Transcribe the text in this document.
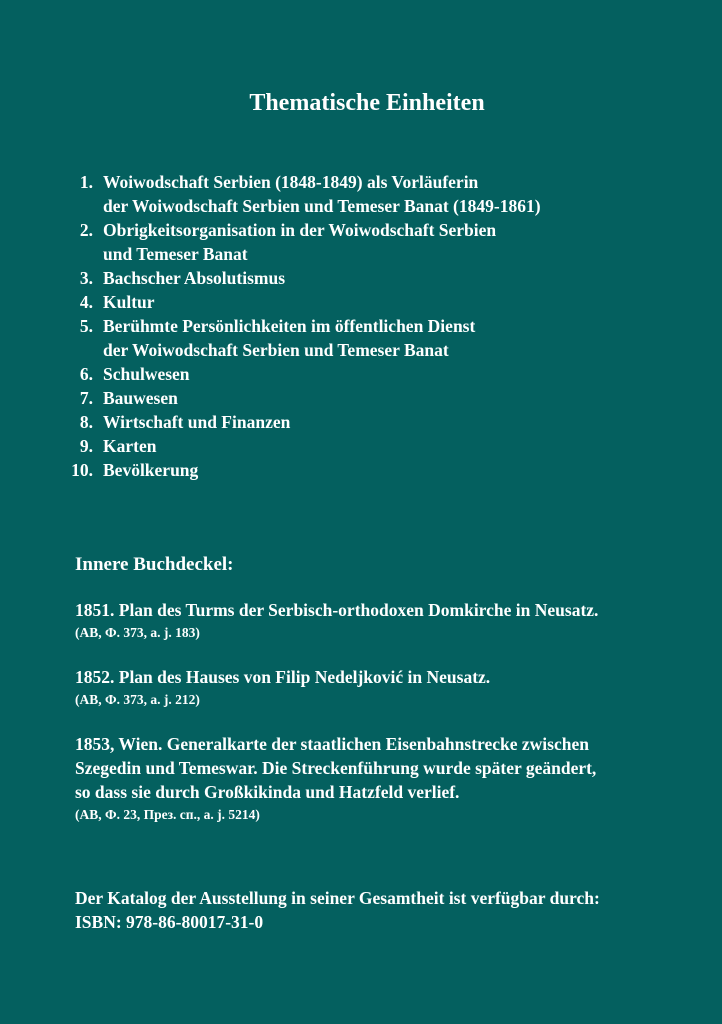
Thematische Einheiten
1. Woiwodschaft Serbien (1848-1849) als Vorläuferin
der Woiwodschaft Serbien und Temeser Banat (1849-1861)
2. Obrigkeitsorganisation in der Woiwodschaft Serbien
und Temeser Banat
3. Bachscher Absolutismus
4. Kultur
5. Berühmte Persönlichkeiten im öffentlichen Dienst
der Woiwodschaft Serbien und Temeser Banat
6. Schulwesen
7. Bauwesen
8. Wirtschaft und Finanzen
9. Karten
10. Bevölkerung
Innere Buchdeckel:
1851. Plan des Turms der Serbisch-orthodoxen Domkirche in Neusatz.
(АВ, Ф. 373, a. j. 183)
1852. Plan des Hauses von Filip Nedeljković in Neusatz.
(АВ, Ф. 373, a. j. 212)
1853, Wien. Generalkarte der staatlichen Eisenbahnstrecke zwischen
Szegedin und Temeswar. Die Streckenführung wurde später geändert,
so dass sie durch Großkikinda und Hatzfeld verlief.
(АВ, Ф. 23, През. сп., a. j. 5214)
Der Katalog der Ausstellung in seiner Gesamtheit ist verfügbar durch:
ISBN: 978-86-80017-31-0
